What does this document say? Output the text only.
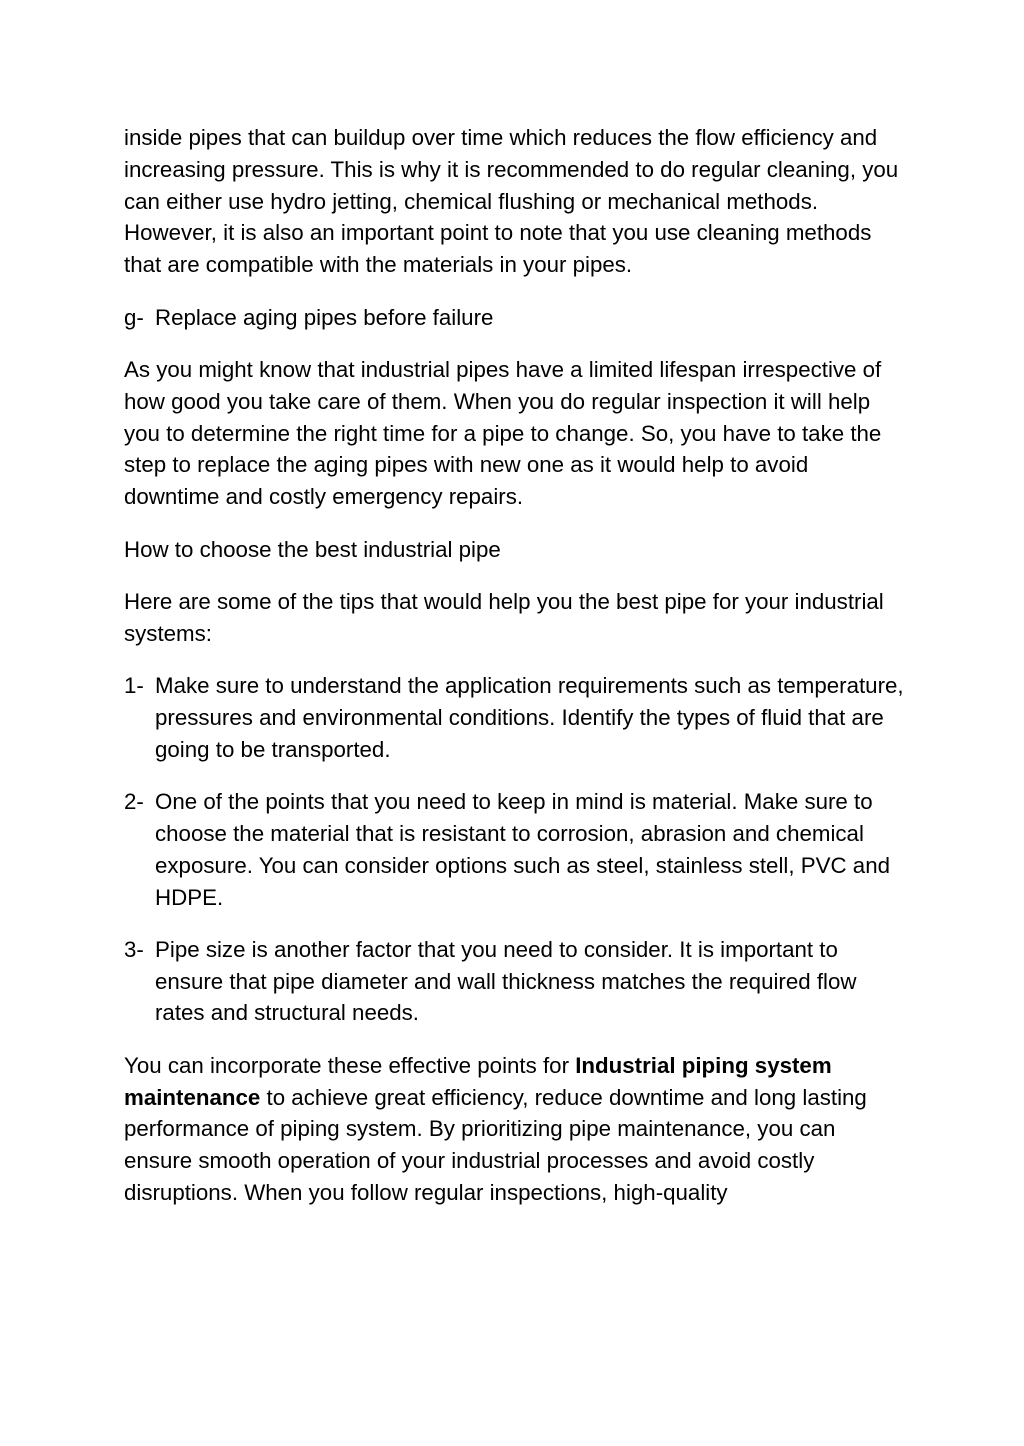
inside pipes that can buildup over time which reduces the flow efficiency and increasing pressure. This is why it is recommended to do regular cleaning, you can either use hydro jetting, chemical flushing or mechanical methods. However, it is also an important point to note that you use cleaning methods that are compatible with the materials in your pipes.

g- Replace aging pipes before failure

As you might know that industrial pipes have a limited lifespan irrespective of how good you take care of them. When you do regular inspection it will help you to determine the right time for a pipe to change. So, you have to take the step to replace the aging pipes with new one as it would help to avoid downtime and costly emergency repairs.

How to choose the best industrial pipe

Here are some of the tips that would help you the best pipe for your industrial systems:

1- Make sure to understand the application requirements such as temperature, pressures and environmental conditions. Identify the types of fluid that are going to be transported.
2- One of the points that you need to keep in mind is material. Make sure to choose the material that is resistant to corrosion, abrasion and chemical exposure. You can consider options such as steel, stainless stell, PVC and HDPE.
3- Pipe size is another factor that you need to consider. It is important to ensure that pipe diameter and wall thickness matches the required flow rates and structural needs.

You can incorporate these effective points for Industrial piping system maintenance to achieve great efficiency, reduce downtime and long lasting performance of piping system. By prioritizing pipe maintenance, you can ensure smooth operation of your industrial processes and avoid costly disruptions. When you follow regular inspections, high-quality
